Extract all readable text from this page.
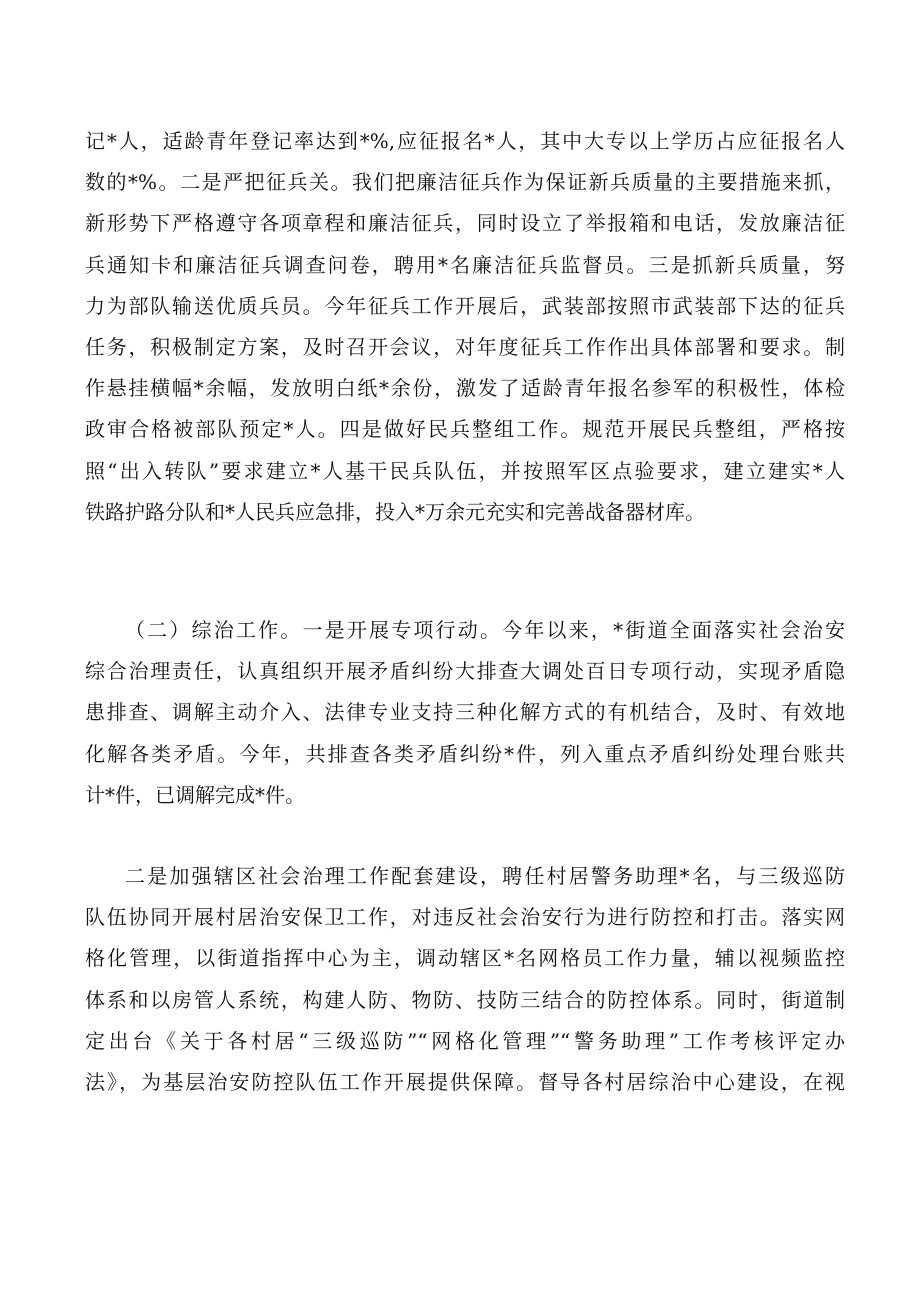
记*人，适龄青年登记率达到*%,应征报名*人，其中大专以上学历占应征报名人
数的*%。二是严把征兵关。我们把廉洁征兵作为保证新兵质量的主要措施来抓，
新形势下严格遵守各项章程和廉洁征兵，同时设立了举报箱和电话，发放廉洁征
兵通知卡和廉洁征兵调查问卷，聘用*名廉洁征兵监督员。三是抓新兵质量，努
力为部队输送优质兵员。今年征兵工作开展后，武装部按照市武装部下达的征兵
任务，积极制定方案，及时召开会议，对年度征兵工作作出具体部署和要求。制
作悬挂横幅*余幅，发放明白纸*余份，激发了适龄青年报名参军的积极性，体检
政审合格被部队预定*人。四是做好民兵整组工作。规范开展民兵整组，严格按
照“出入转队”要求建立*人基干民兵队伍，并按照军区点验要求，建立建实*人
铁路护路分队和*人民兵应急排，投入*万余元充实和完善战备器材库。
（二）综治工作。一是开展专项行动。今年以来，*街道全面落实社会治安
综合治理责任，认真组织开展矛盾纠纷大排查大调处百日专项行动，实现矛盾隐
患排查、调解主动介入、法律专业支持三种化解方式的有机结合，及时、有效地
化解各类矛盾。今年，共排查各类矛盾纠纷*件，列入重点矛盾纠纷处理台账共
计*件，已调解完成*件。
二是加强辖区社会治理工作配套建设，聘任村居警务助理*名，与三级巡防
队伍协同开展村居治安保卫工作，对违反社会治安行为进行防控和打击。落实网
格化管理，以街道指挥中心为主，调动辖区*名网格员工作力量，辅以视频监控
体系和以房管人系统，构建人防、物防、技防三结合的防控体系。同时，街道制
定出台《关于各村居“三级巡防”“网格化管理”“警务助理”工作考核评定办
法》，为基层治安防控队伍工作开展提供保障。督导各村居综治中心建设，在视
